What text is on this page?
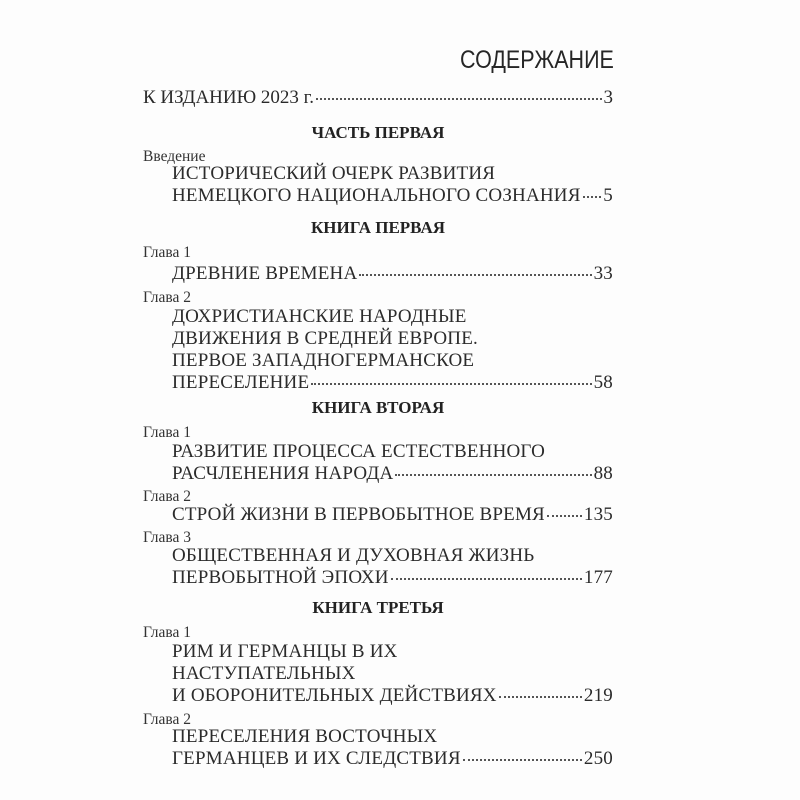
СОДЕРЖАНИЕ
К ИЗДАНИЮ 2023 г.	3
ЧАСТЬ ПЕРВАЯ
Введение
ИСТОРИЧЕСКИЙ ОЧЕРК РАЗВИТИЯ
НЕМЕЦКОГО НАЦИОНАЛЬНОГО СОЗНАНИЯ 5
КНИГА ПЕРВАЯ
Глава 1
ДРЕВНИЕ ВРЕМЕНА	33
Глава 2
ДОХРИСТИАНСКИЕ НАРОДНЫЕ
ДВИЖЕНИЯ В СРЕДНЕЙ ЕВРОПЕ.
ПЕРВОЕ ЗАПАДНОГЕРМАНСКОЕ
ПЕРЕСЕЛЕНИЕ	58
КНИГА ВТОРАЯ
Глава 1
РАЗВИТИЕ ПРОЦЕССА ЕСТЕСТВЕННОГО
РАСЧЛЕНЕНИЯ НАРОДА	88
Глава 2
СТРОЙ ЖИЗНИ В ПЕРВОБЫТНОЕ ВРЕМЯ 135
Глава 3
ОБЩЕСТВЕННАЯ И ДУХОВНАЯ ЖИЗНЬ
ПЕРВОБЫТНОЙ ЭПОХИ	177
КНИГА ТРЕТЬЯ
Глава 1
РИМ И ГЕРМАНЦЫ В ИХ
НАСТУПАТЕЛЬНЫХ
И ОБОРОНИТЕЛЬНЫХ ДЕЙСТВИЯХ	219
Глава 2
ПЕРЕСЕЛЕНИЯ ВОСТОЧНЫХ
ГЕРМАНЦЕВ И ИХ СЛЕДСТВИЯ	250
